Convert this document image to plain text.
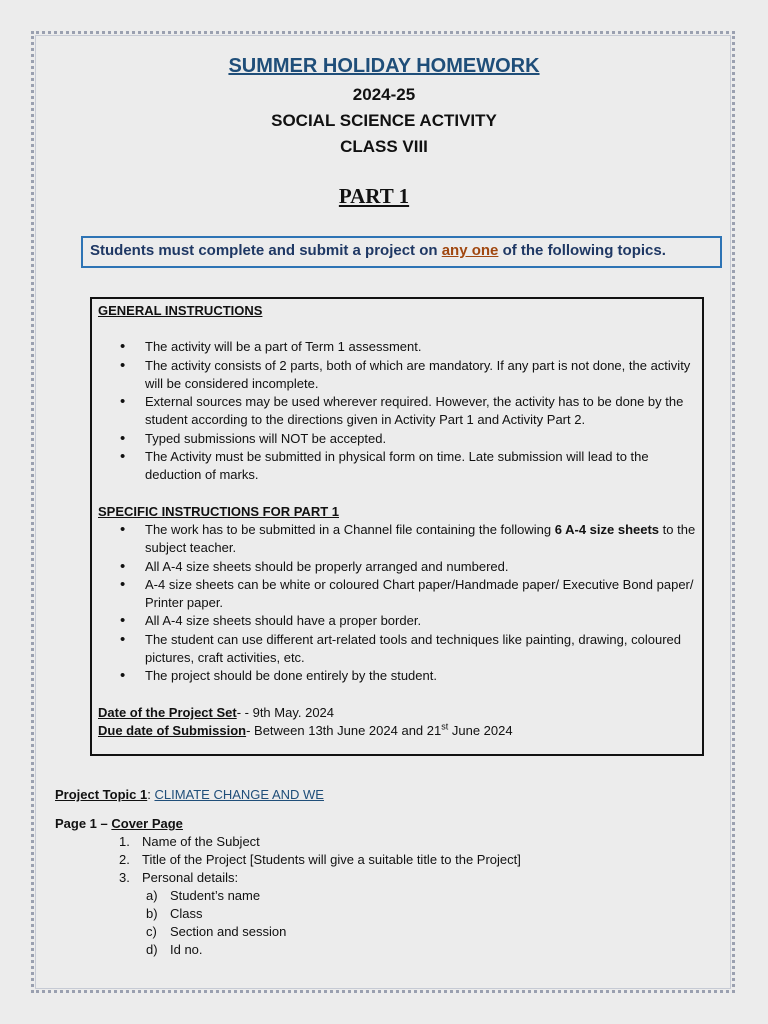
SUMMER HOLIDAY HOMEWORK
2024-25
SOCIAL SCIENCE ACTIVITY
CLASS VIII
PART 1
Students must complete and submit a project on any one of the following topics.
GENERAL INSTRUCTIONS
• The activity will be a part of Term 1 assessment.
• The activity consists of 2 parts, both of which are mandatory. If any part is not done, the activity will be considered incomplete.
• External sources may be used wherever required. However, the activity has to be done by the student according to the directions given in Activity Part 1 and Activity Part 2.
• Typed submissions will NOT be accepted.
• The Activity must be submitted in physical form on time. Late submission will lead to the deduction of marks.
SPECIFIC INSTRUCTIONS FOR PART 1
• The work has to be submitted in a Channel file containing the following 6 A-4 size sheets to the subject teacher.
• All A-4 size sheets should be properly arranged and numbered.
• A-4 size sheets can be white or coloured Chart paper/Handmade paper/ Executive Bond paper/ Printer paper.
• All A-4 size sheets should have a proper border.
• The student can use different art-related tools and techniques like painting, drawing, coloured pictures, craft activities, etc.
• The project should be done entirely by the student.
Date of the Project Set- - 9th May. 2024
Due date of Submission- Between 13th June 2024 and 21st June 2024
Project Topic 1: CLIMATE CHANGE AND WE
Page 1 – Cover Page
1. Name of the Subject
2. Title of the Project [Students will give a suitable title to the Project]
3. Personal details:
a) Student’s name
b) Class
c) Section and session
d) Id no.
